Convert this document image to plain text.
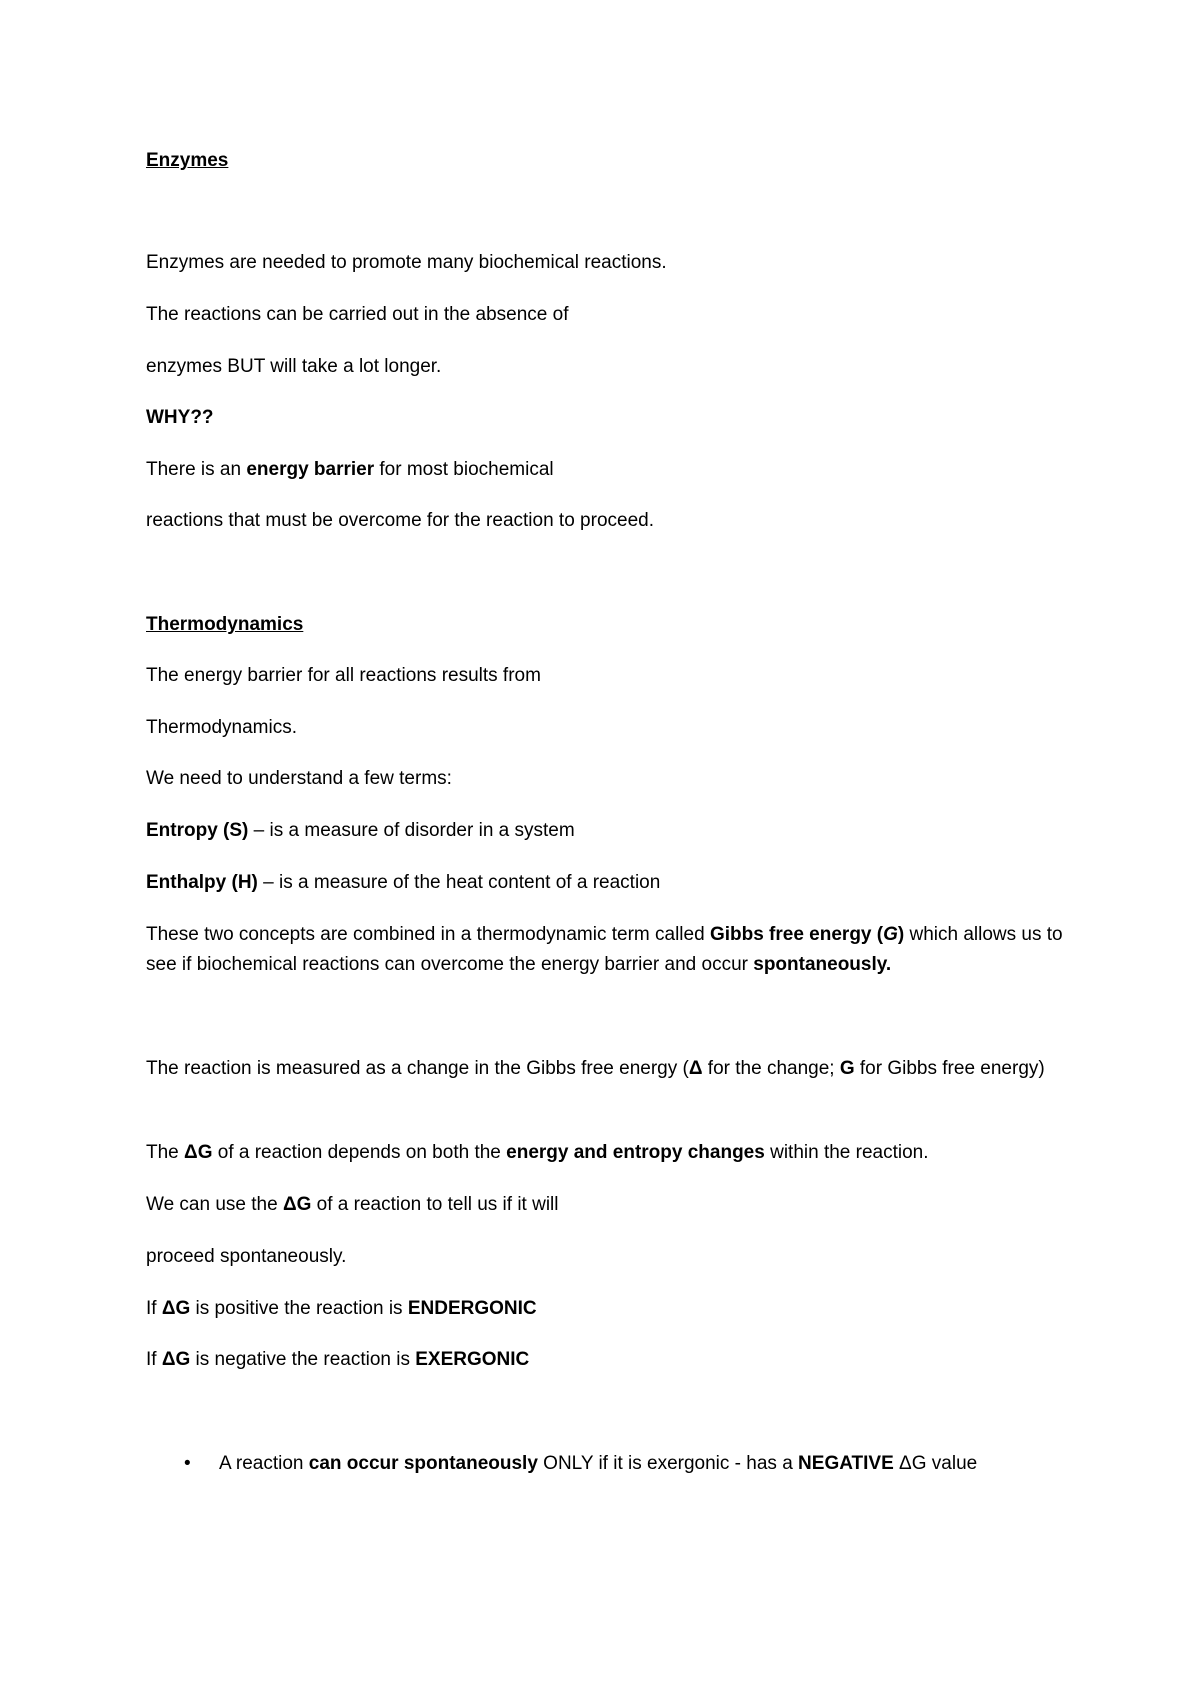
Enzymes
Enzymes are needed to promote many biochemical reactions.
The reactions can be carried out in the absence of
enzymes BUT will take a lot longer.
WHY??
There is an energy barrier for most biochemical
reactions that must be overcome for the reaction to proceed.
Thermodynamics
The energy barrier for all reactions results from
Thermodynamics.
We need to understand a few terms:
Entropy (S) – is a measure of disorder in a system
Enthalpy (H) – is a measure of the heat content of a reaction
These two concepts are combined in a thermodynamic term called Gibbs free energy (G) which allows us to see if biochemical reactions can overcome the energy barrier and occur spontaneously.
The reaction is measured as a change in the Gibbs free energy (Δ for the change; G for Gibbs free energy)
The ΔG of a reaction depends on both the energy and entropy changes within the reaction.
We can use the ΔG of a reaction to tell us if it will
proceed spontaneously.
If ΔG is positive the reaction is ENDERGONIC
If ΔG is negative the reaction is EXERGONIC
• A reaction can occur spontaneously ONLY if it is exergonic - has a NEGATIVE ΔG value
